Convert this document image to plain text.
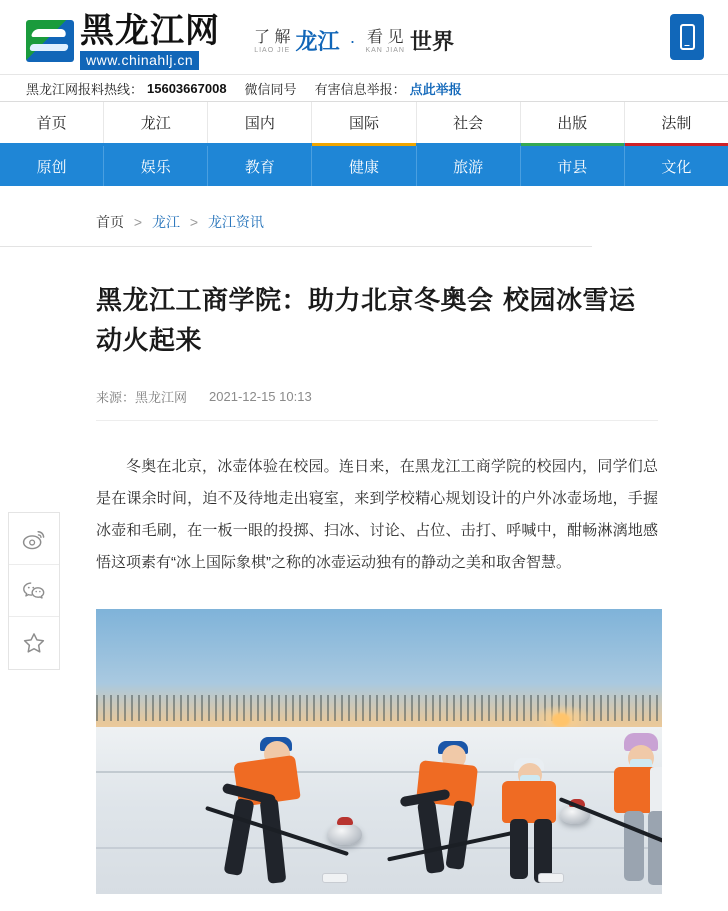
黑龙江网
www.chinahlj.cn
了 解
LIAO JIE 龙江 · 看 见
KAN JIAN 世界
黑龙江网报料热线： 15603667008 微信同号 有害信息举报： 点此举报
首页	龙江	国内	国际	社会	出版	法制
原创	娱乐	教育	健康	旅游	市县	文化
首页 > 龙江 > 龙江资讯
黑龙江工商学院：助力北京冬奥会 校园冰雪运动火起来
来源： 黑龙江网 2021-12-15 10:13

冬奥在北京，冰壶体验在校园。连日来，在黑龙江工商学院的校园内，同学们总是在课余时间，迫不及待地走出寝室，来到学校精心规划设计的户外冰壶场地，手握冰壶和毛刷，在一板一眼的投掷、扫冰、讨论、占位、击打、呼喊中，酣畅淋漓地感悟这项素有“冰上国际象棋”之称的冰壶运动独有的静动之美和取舍智慧。
